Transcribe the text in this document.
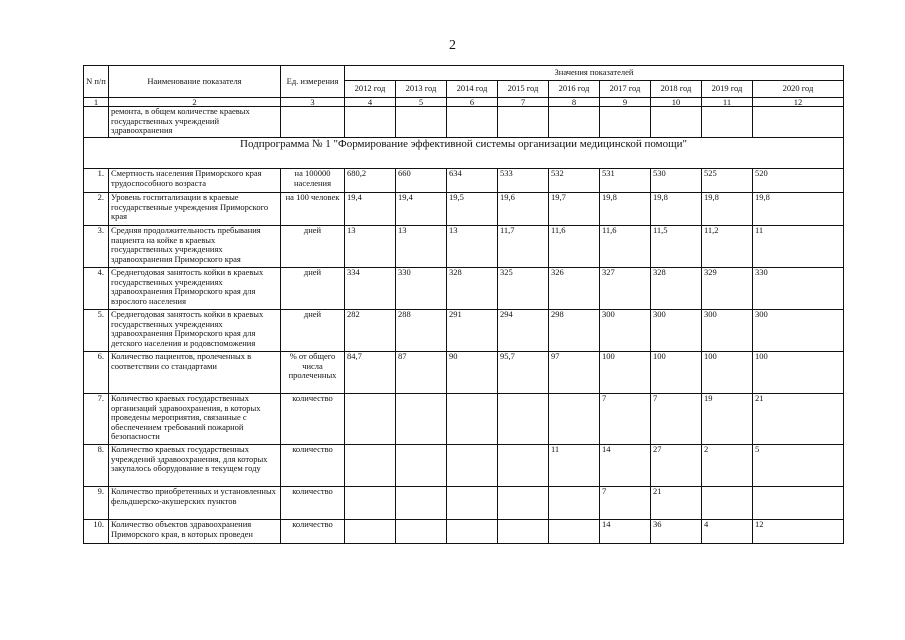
2
N п/п	Наименование показателя	Ед. измерения	Значения показателей								
			2012 год	2013 год	2014 год	2015 год	2016 год	2017 год	2018 год	2019 год	2020 год
1	2	3	4	5	6	7	8	9	10	11	12
	ремонта, в общем количестве краевых государственных учреждений здравоохранения										
Подпрограмма № 1 "Формирование эффективной системы организации медицинской помощи"											
1.	Смертность населения Приморского края трудоспособного возраста	на 100000 населения	680,2	660	634	533	532	531	530	525	520
2.	Уровень госпитализации в краевые государственные учреждения Приморского края	на 100 человек	19,4	19,4	19,5	19,6	19,7	19,8	19,8	19,8	19,8
3.	Средняя продолжительность пребывания пациента на койке в краевых государственных учреждениях здравоохранения Приморского края	дней	13	13	13	11,7	11,6	11,6	11,5	11,2	11
4.	Среднегодовая занятость койки в краевых государственных учреждениях здравоохранения Приморского края для взрослого населения	дней	334	330	328	325	326	327	328	329	330
5.	Среднегодовая занятость койки в краевых государственных учреждениях здравоохранения Приморского края для детского населения и родовспоможения	дней	282	288	291	294	298	300	300	300	300
6.	Количество пациентов, пролеченных в соответствии со стандартами	% от общего числа пролеченных	84,7	87	90	95,7	97	100	100	100	100
7.	Количество краевых государственных организаций здравоохранения, в которых проведены мероприятия, связанные с обеспечением требований пожарной безопасности	количество						7	7	19	21
8.	Количество краевых государственных учреждений здравоохранения, для которых закупалось оборудование в текущем году	количество					11	14	27	2	5
9.	Количество приобретенных и установленных фельдшерско-акушерских пунктов	количество						7	21		
10.	Количество объектов здравоохранения Приморского края, в которых проведен	количество						14	36	4	12
